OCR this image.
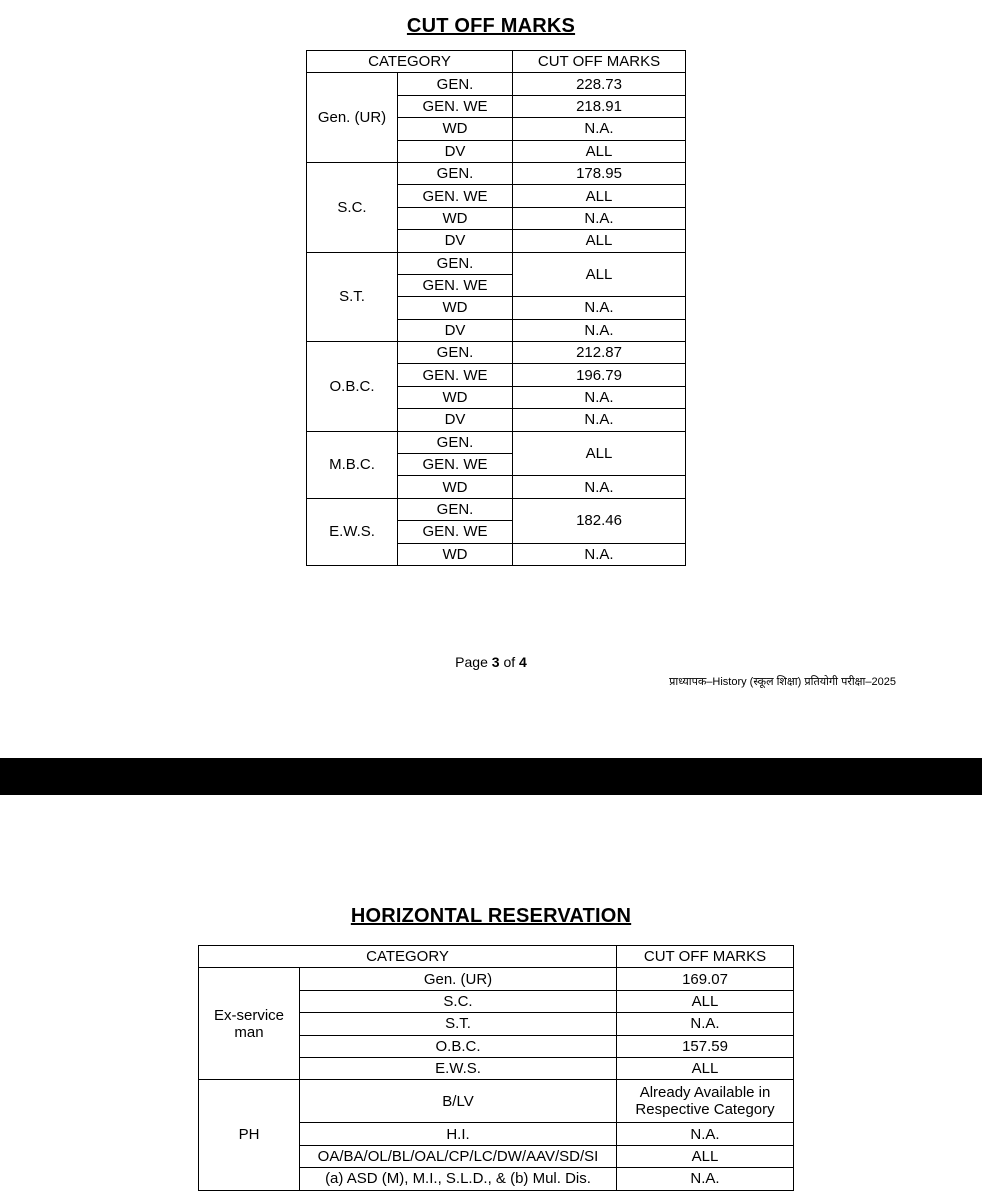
CUT OFF MARKS
CATEGORY		CUT OFF MARKS
Gen. (UR)	GEN.	228.73
	GEN. WE	218.91
	WD	N.A.
	DV	ALL
S.C.	GEN.	178.95
	GEN. WE	ALL
	WD	N.A.
	DV	ALL
S.T.	GEN.	ALL
	GEN. WE	
	WD	N.A.
	DV	N.A.
O.B.C.	GEN.	212.87
	GEN. WE	196.79
	WD	N.A.
	DV	N.A.
M.B.C.	GEN.	ALL
	GEN. WE	
	WD	N.A.
E.W.S.	GEN.	182.46
	GEN. WE	
	WD	N.A.
Page 3 of 4
प्राध्यापक–History (स्कूल शिक्षा) प्रतियोगी परीक्षा–2025
HORIZONTAL RESERVATION
CATEGORY		CUT OFF MARKS
Ex-service man	Gen. (UR)	169.07
	S.C.	ALL
	S.T.	N.A.
	O.B.C.	157.59
	E.W.S.	ALL
PH	B/LV	Already Available in Respective Category
	H.I.	N.A.
	OA/BA/OL/BL/OAL/CP/LC/DW/AAV/SD/SI	ALL
	(a) ASD (M), M.I., S.L.D., & (b) Mul. Dis.	N.A.
